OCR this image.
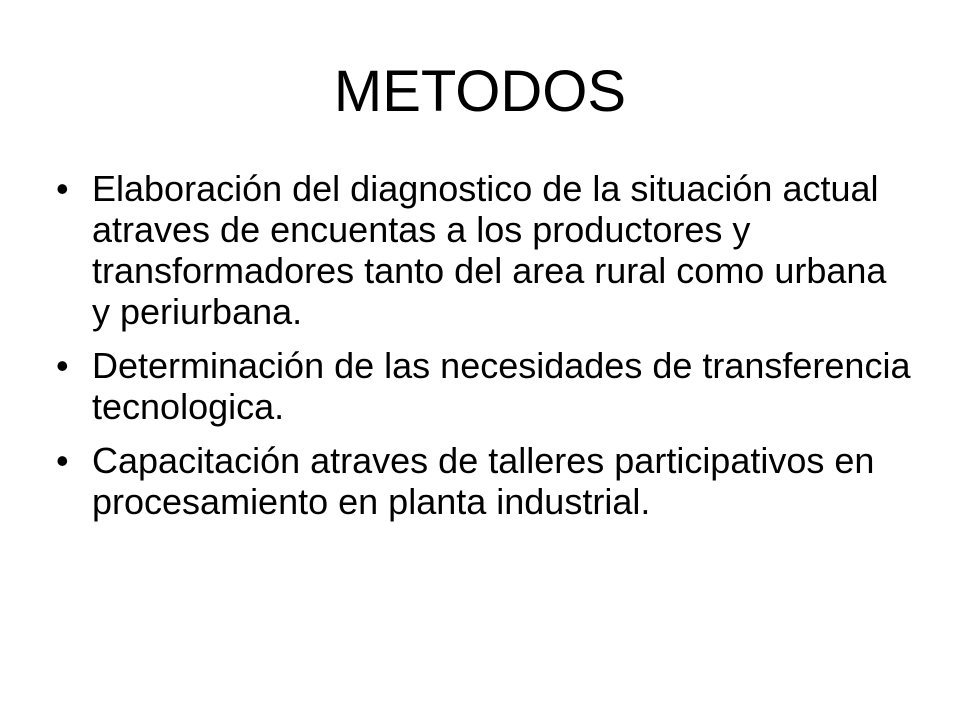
METODOS
• Elaboración del diagnostico de la situación actual atraves de encuentas a los productores y transformadores tanto del area rural como urbana y periurbana.
• Determinación de las necesidades de transferencia tecnologica.
• Capacitación atraves de talleres participativos en procesamiento en planta industrial.
